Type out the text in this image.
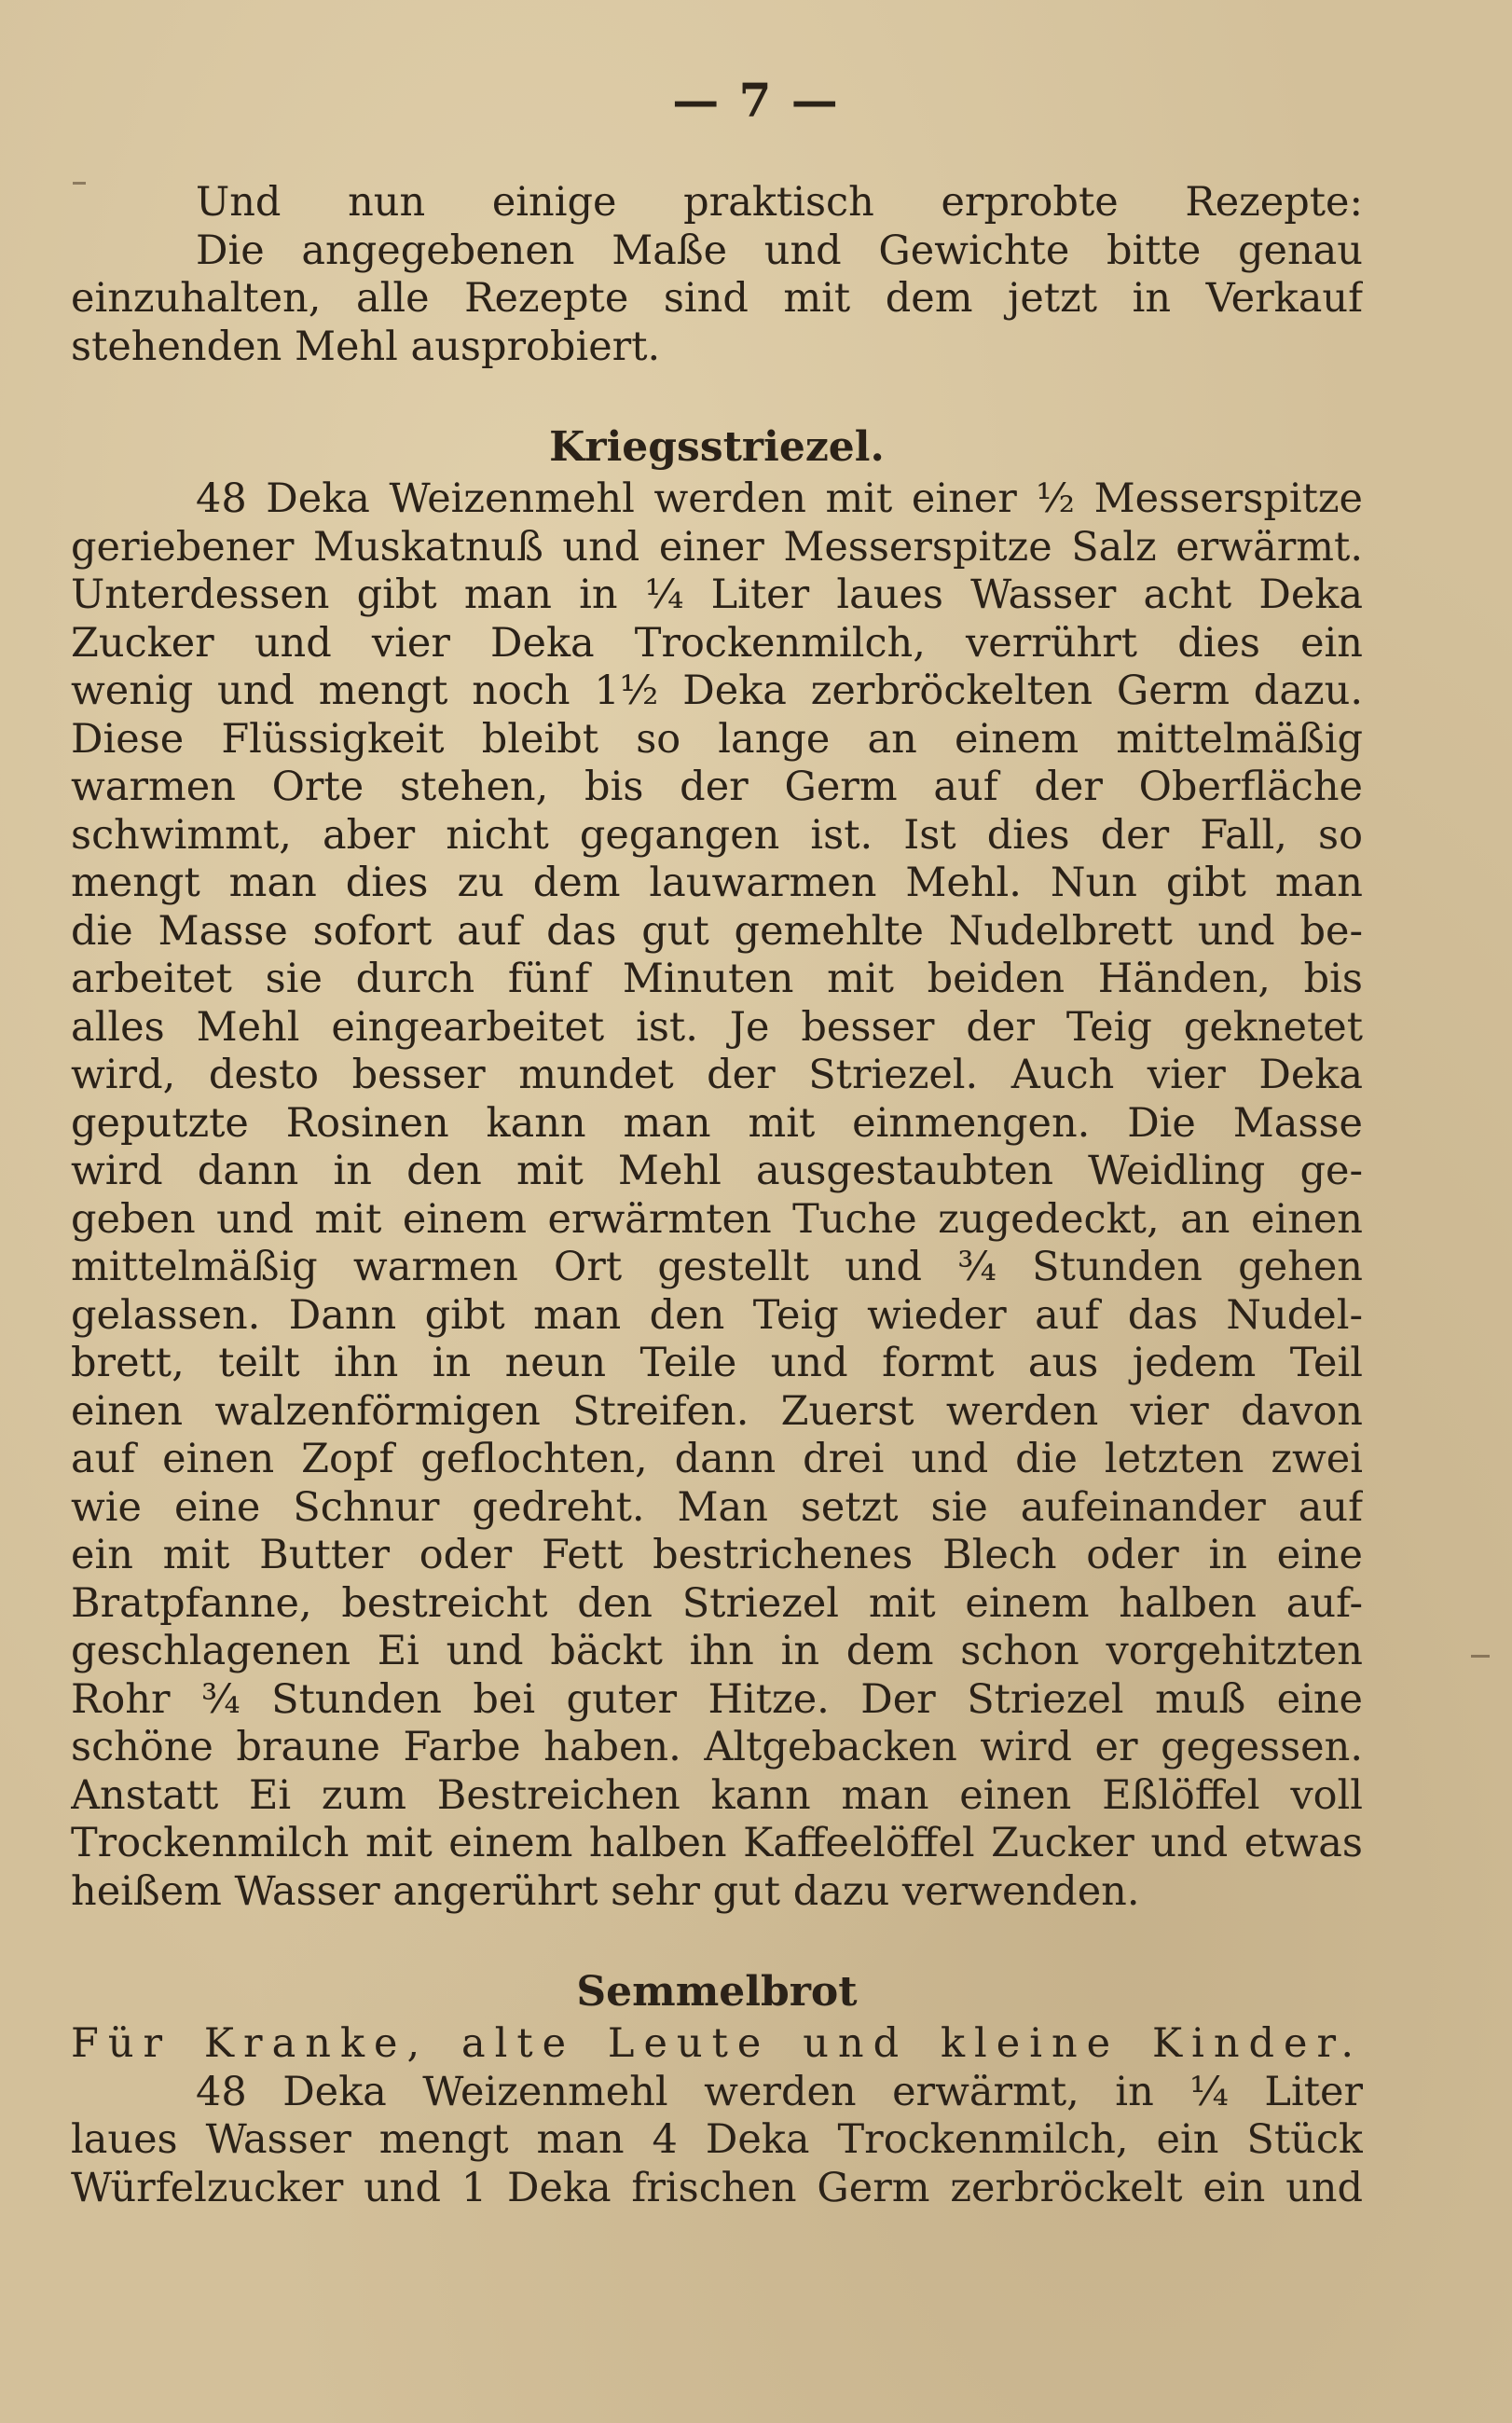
— 7 —
Und nun einige praktisch erprobte Rezepte:
Die angegebenen Maße und Gewichte bitte genau
einzuhalten, alle Rezepte sind mit dem jetzt in Verkauf
stehenden Mehl ausprobiert.
Kriegsstriezel.
48 Deka Weizenmehl werden mit einer ½ Messerspitze
geriebener Muskatnuß und einer Messerspitze Salz erwärmt.
Unterdessen gibt man in ¼ Liter laues Wasser acht Deka
Zucker und vier Deka Trockenmilch, verrührt dies ein
wenig und mengt noch 1½ Deka zerbröckelten Germ dazu.
Diese Flüssigkeit bleibt so lange an einem mittelmäßig
warmen Orte stehen, bis der Germ auf der Oberfläche
schwimmt, aber nicht gegangen ist. Ist dies der Fall, so
mengt man dies zu dem lauwarmen Mehl. Nun gibt man
die Masse sofort auf das gut gemehlte Nudelbrett und be-
arbeitet sie durch fünf Minuten mit beiden Händen, bis
alles Mehl eingearbeitet ist. Je besser der Teig geknetet
wird, desto besser mundet der Striezel. Auch vier Deka
geputzte Rosinen kann man mit einmengen. Die Masse
wird dann in den mit Mehl ausgestaubten Weidling ge-
geben und mit einem erwärmten Tuche zugedeckt, an einen
mittelmäßig warmen Ort gestellt und ¾ Stunden gehen
gelassen. Dann gibt man den Teig wieder auf das Nudel-
brett, teilt ihn in neun Teile und formt aus jedem Teil
einen walzenförmigen Streifen. Zuerst werden vier davon
auf einen Zopf geflochten, dann drei und die letzten zwei
wie eine Schnur gedreht. Man setzt sie aufeinander auf
ein mit Butter oder Fett bestrichenes Blech oder in eine
Bratpfanne, bestreicht den Striezel mit einem halben auf-
geschlagenen Ei und bäckt ihn in dem schon vorgehitzten
Rohr ¾ Stunden bei guter Hitze. Der Striezel muß eine
schöne braune Farbe haben. Altgebacken wird er gegessen.
Anstatt Ei zum Bestreichen kann man einen Eßlöffel voll
Trockenmilch mit einem halben Kaffeelöffel Zucker und etwas
heißem Wasser angerührt sehr gut dazu verwenden.
Semmelbrot
Für Kranke, alte Leute und kleine Kinder.
48 Deka Weizenmehl werden erwärmt, in ¼ Liter
laues Wasser mengt man 4 Deka Trockenmilch, ein Stück
Würfelzucker und 1 Deka frischen Germ zerbröckelt ein und
